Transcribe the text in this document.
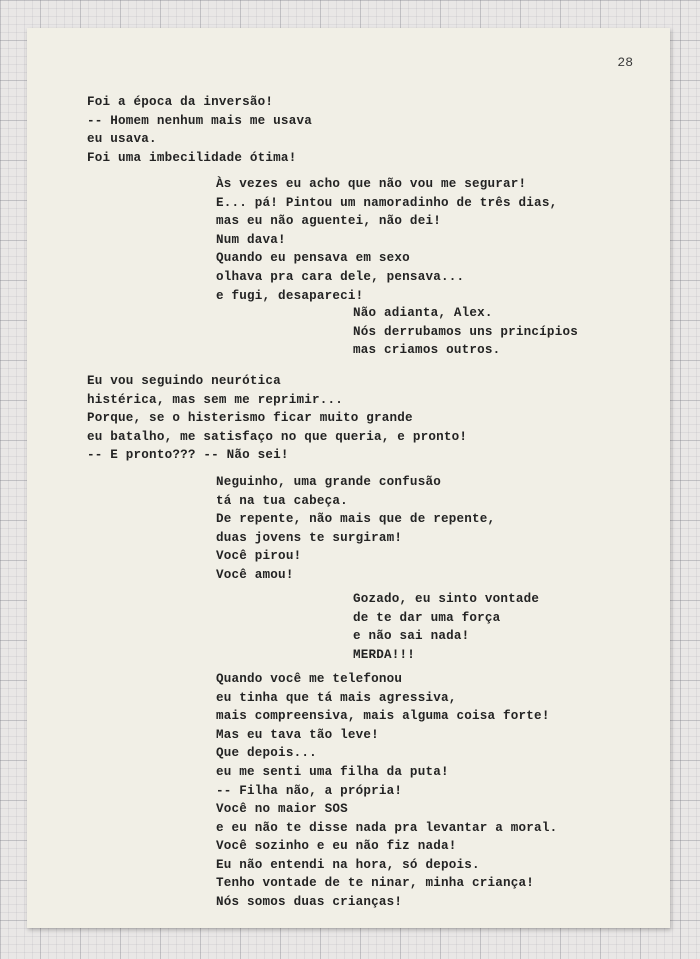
28
Foi a época da inversão!
-- Homem nenhum mais me usava
eu usava.
Foi uma imbecilidade ótima!
Às vezes eu acho que não vou me segurar!
E... pá! Pintou um namoradinho de três dias,
mas eu não aguentei, não dei!
Num dava!
Quando eu pensava em sexo
olhava pra cara dele, pensava...
e fugi, desapareci!
Não adianta, Alex.
Nós derrubamos uns princípios
mas criamos outros.
Eu vou seguindo neurótica
histérica, mas sem me reprimir...
Porque, se o histerismo ficar muito grande
eu batalho, me satisfaço no que queria, e pronto!
-- E pronto??? -- Não sei!
Neguinho, uma grande confusão
tá na tua cabeça.
De repente, não mais que de repente,
duas jovens te surgiram!
Você pirou!
Você amou!
Gozado, eu sinto vontade
de te dar uma força
e não sai nada!
MERDA!!!
Quando você me telefonou
eu tinha que tá mais agressiva,
mais compreensiva, mais alguma coisa forte!
Mas eu tava tão leve!
Que depois...
eu me senti uma filha da puta!
-- Filha não, a própria!
Você no maior SOS
e eu não te disse nada pra levantar a moral.
Você sozinho e eu não fiz nada!
Eu não entendi na hora, só depois.
Tenho vontade de te ninar, minha criança!
Nós somos duas crianças!
